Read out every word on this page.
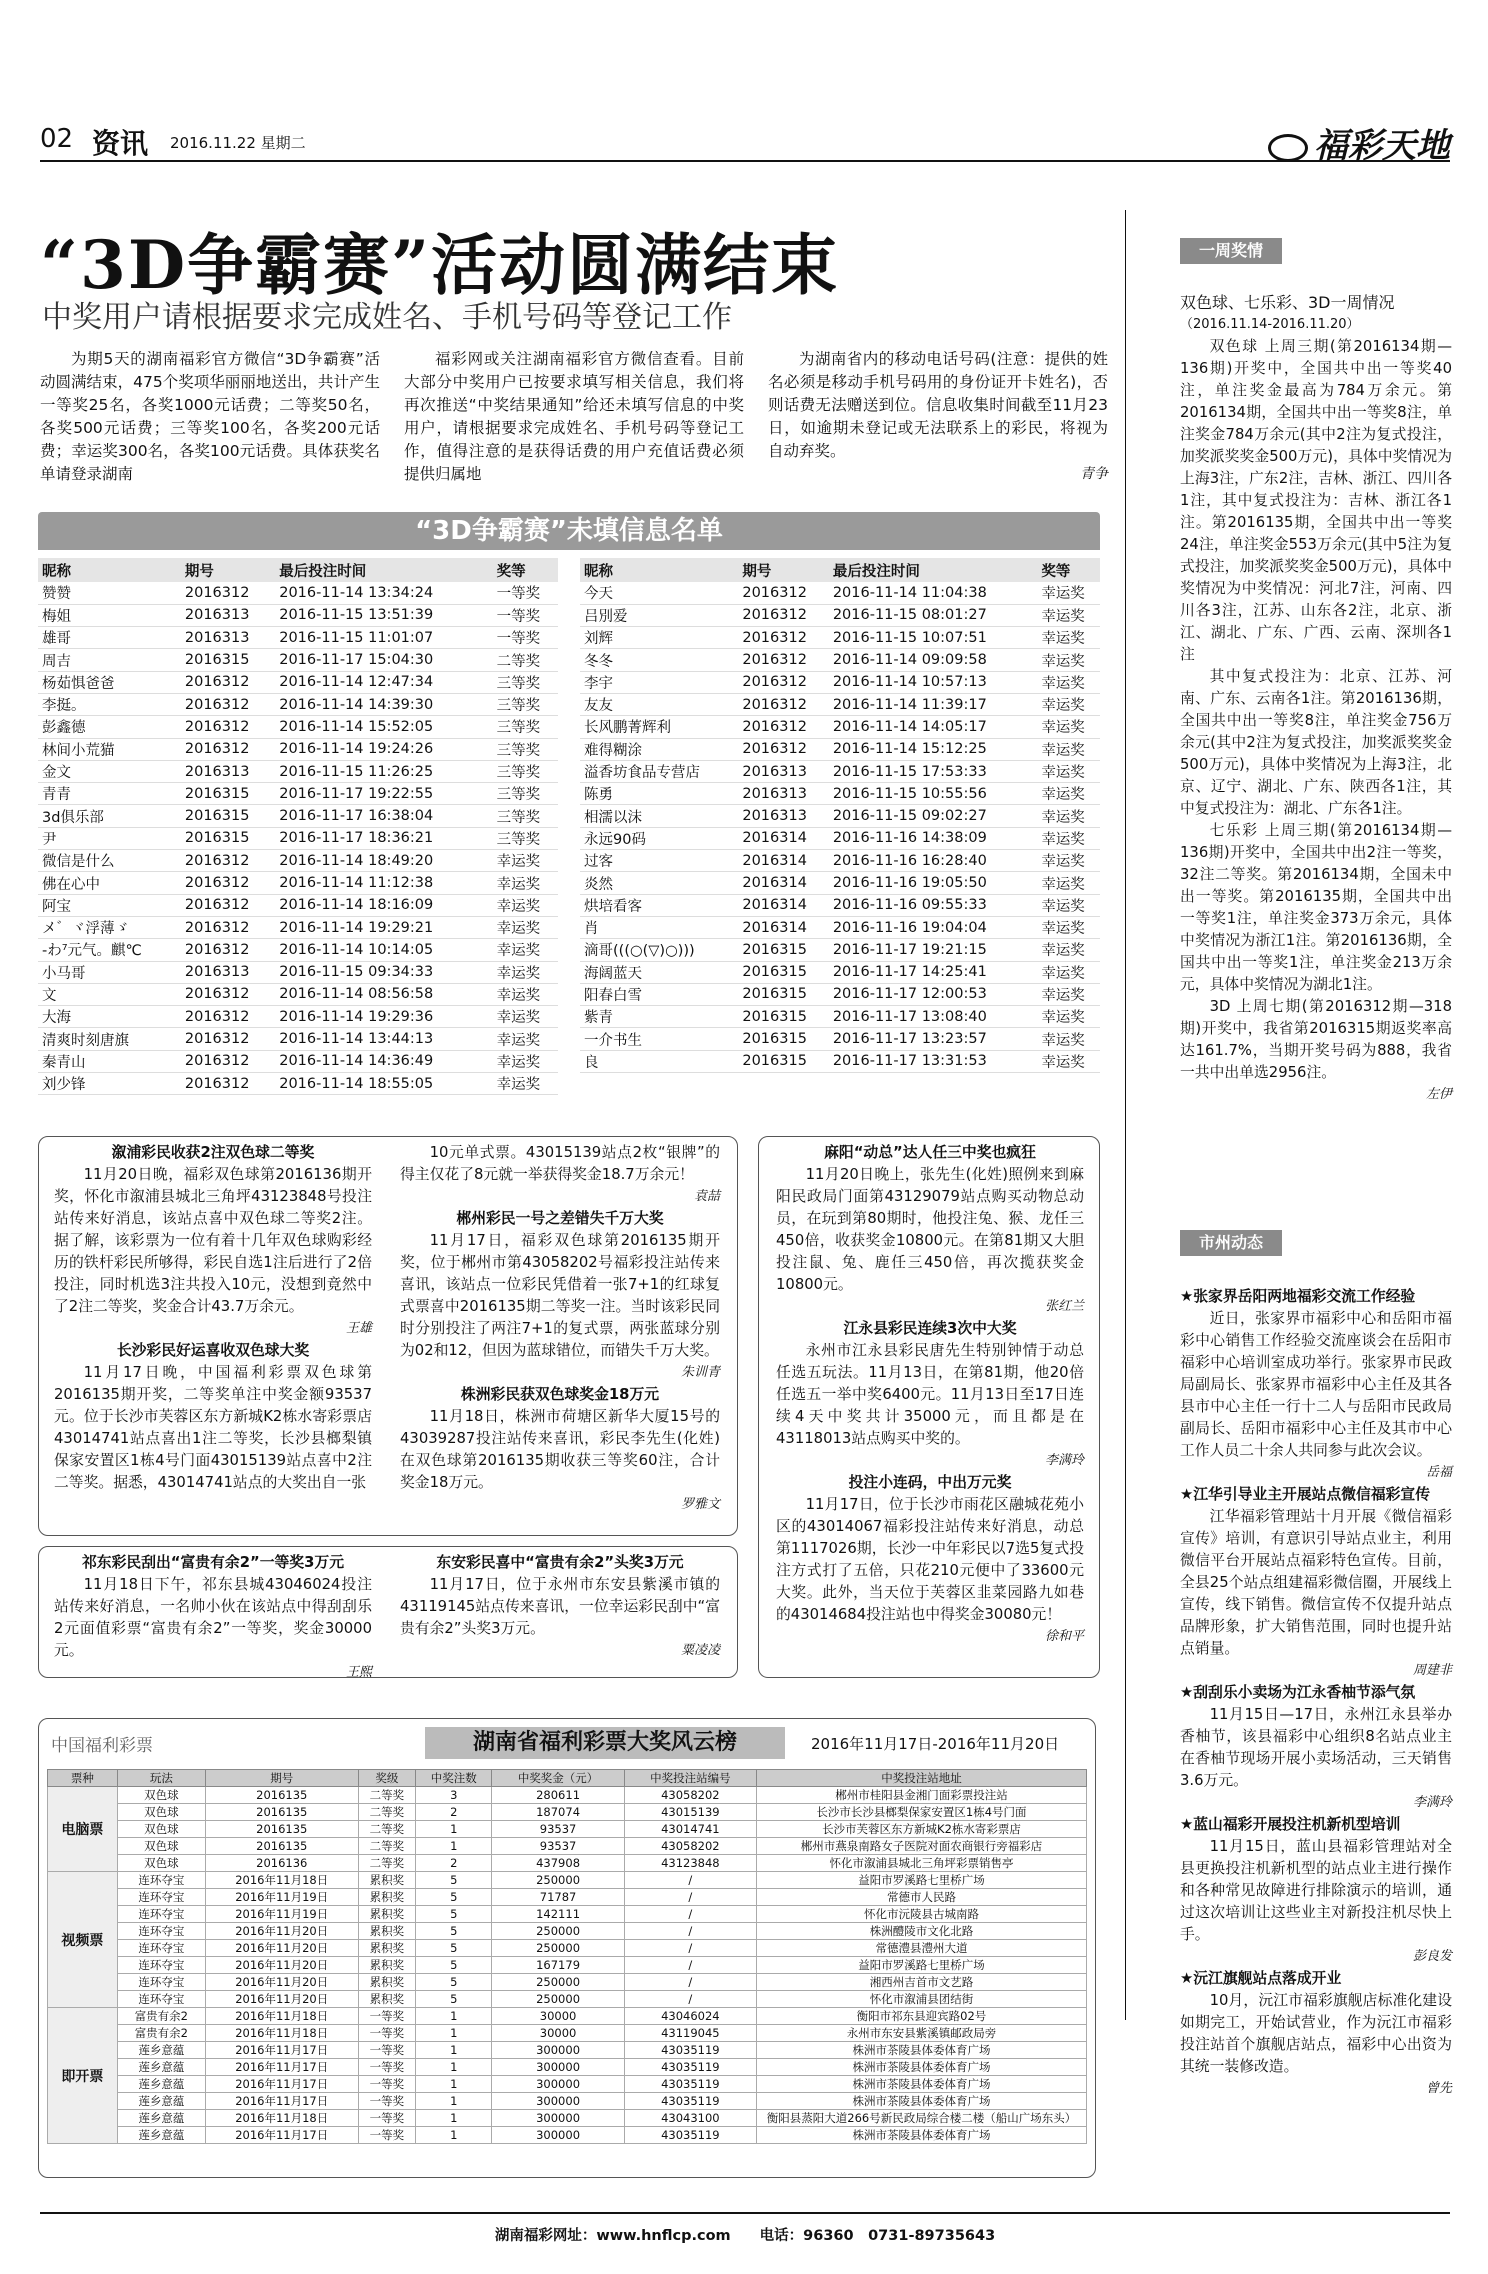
02 资讯 2016.11.22 星期二	福彩天地
“3D争霸赛”活动圆满结束
中奖用户请根据要求完成姓名、手机号码等登记工作

为期5天的湖南福彩官方微信“3D争霸赛”活动圆满结束，475个奖项华丽丽地送出，共计产生一等奖25名，各奖1000元话费；二等奖50名，各奖500元话费；三等奖100名，各奖200元话费；幸运奖300名，各奖100元话费。具体获奖名单请登录湖南

福彩网或关注湖南福彩官方微信查看。目前大部分中奖用户已按要求填写相关信息，我们将再次推送“中奖结果通知”给还未填写信息的中奖用户，请根据要求完成姓名、手机号码等登记工作，值得注意的是获得话费的用户充值话费必须提供归属地

为湖南省内的移动电话号码(注意：提供的姓名必须是移动手机号码用的身份证开卡姓名)，否则话费无法赠送到位。信息收集时间截至11月23日，如逾期未登记或无法联系上的彩民，将视为自动弃奖。

青争
“3D争霸赛”未填信息名单
昵称	期号	最后投注时间	奖等
赞赞	2016312	2016-11-14 13:34:24	一等奖
梅姐	2016313	2016-11-15 13:51:39	一等奖
雄哥	2016313	2016-11-15 11:01:07	一等奖
周吉	2016315	2016-11-17 15:04:30	二等奖
杨茹惧爸爸	2016312	2016-11-14 12:47:34	三等奖
李挺。	2016312	2016-11-14 14:39:30	三等奖
彭鑫德	2016312	2016-11-14 15:52:05	三等奖
林间小荒猫	2016312	2016-11-14 19:24:26	三等奖
金文	2016313	2016-11-15 11:26:25	三等奖
青青	2016315	2016-11-17 19:22:55	三等奖
3d俱乐部	2016315	2016-11-17 16:38:04	三等奖
尹	2016315	2016-11-17 18:36:21	三等奖
微信是什么	2016312	2016-11-14 18:49:20	幸运奖
佛在心中	2016312	2016-11-14 11:12:38	幸运奖
阿宝	2016312	2016-11-14 18:16:09	幸运奖
メ゛ヾ浮薄ゞ	2016312	2016-11-14 19:29:21	幸运奖
-わ⁷元气。麒℃	2016312	2016-11-14 10:14:05	幸运奖
小马哥	2016313	2016-11-15 09:34:33	幸运奖
文	2016312	2016-11-14 08:56:58	幸运奖
大海	2016312	2016-11-14 19:29:36	幸运奖
清爽时刻唐旗	2016312	2016-11-14 13:44:13	幸运奖
秦青山	2016312	2016-11-14 14:36:49	幸运奖
刘少锋	2016312	2016-11-14 18:55:05	幸运奖
昵称	期号	最后投注时间	奖等
今天	2016312	2016-11-14 11:04:38	幸运奖
吕別爱	2016312	2016-11-15 08:01:27	幸运奖
刘辉	2016312	2016-11-15 10:07:51	幸运奖
冬冬	2016312	2016-11-14 09:09:58	幸运奖
李宇	2016312	2016-11-14 10:57:13	幸运奖
友友	2016312	2016-11-14 11:39:17	幸运奖
长风鹏菁辉利	2016312	2016-11-14 14:05:17	幸运奖
难得糊涂	2016312	2016-11-14 15:12:25	幸运奖
溢香坊食品专营店	2016313	2016-11-15 17:53:33	幸运奖
陈勇	2016313	2016-11-15 10:55:56	幸运奖
相濡以沫	2016313	2016-11-15 09:02:27	幸运奖
永远90码	2016314	2016-11-16 14:38:09	幸运奖
过客	2016314	2016-11-16 16:28:40	幸运奖
炎然	2016314	2016-11-16 19:05:50	幸运奖
烘培看客	2016314	2016-11-16 09:55:33	幸运奖
肖	2016314	2016-11-16 19:04:04	幸运奖
滴哥(((○(▽)○)))	2016315	2016-11-17 19:21:15	幸运奖
海阔蓝天	2016315	2016-11-17 14:25:41	幸运奖
阳春白雪	2016315	2016-11-17 12:00:53	幸运奖
紫青	2016315	2016-11-17 13:08:40	幸运奖
一介书生	2016315	2016-11-17 13:23:57	幸运奖
良	2016315	2016-11-17 13:31:53	幸运奖
溆浦彩民收获2注双色球二等奖

11月20日晚，福彩双色球第2016136期开奖，怀化市溆浦县城北三角坪43123848号投注站传来好消息，该站点喜中双色球二等奖2注。据了解，该彩票为一位有着十几年双色球购彩经历的铁杆彩民所够得，彩民自选1注后进行了2倍投注，同时机选3注共投入10元，没想到竟然中了2注二等奖，奖金合计43.7万余元。

王雄
长沙彩民好运喜收双色球大奖

11月17日晚，中国福利彩票双色球第2016135期开奖，二等奖单注中奖金额93537元。位于长沙市芙蓉区东方新城K2栋水寄彩票店43014741站点喜出1注二等奖，长沙县榔梨镇保家安置区1栋4号门面43015139站点喜中2注二等奖。据悉，43014741站点的大奖出自一张

10元单式票。43015139站点2枚“银牌”的得主仅花了8元就一举获得奖金18.7万余元！

袁喆
郴州彩民一号之差错失千万大奖

11月17日，福彩双色球第2016135期开奖，位于郴州市第43058202号福彩投注站传来喜讯，该站点一位彩民凭借着一张7+1的红球复式票喜中2016135期二等奖一注。当时该彩民同时分别投注了两注7+1的复式票，两张蓝球分别为02和12，但因为蓝球错位，而错失千万大奖。

朱训青
株洲彩民获双色球奖金18万元

11月18日，株洲市荷塘区新华大厦15号的43039287投注站传来喜讯，彩民李先生(化姓)在双色球第2016135期收获三等奖60注，合计奖金18万元。

罗雅文
祁东彩民刮出“富贵有余2”一等奖3万元

11月18日下午，祁东县城43046024投注站传来好消息，一名帅小伙在该站点中得刮刮乐2元面值彩票“富贵有余2”一等奖，奖金30000元。

王熙
东安彩民喜中“富贵有余2”头奖3万元

11月17日，位于永州市东安县紫溪市镇的43119145站点传来喜讯，一位幸运彩民刮中“富贵有余2”头奖3万元。

粟凌凌
麻阳“动总”达人任三中奖也疯狂

11月20日晚上，张先生(化姓)照例来到麻阳民政局门面第43129079站点购买动物总动员，在玩到第80期时，他投注兔、猴、龙任三450倍，收获奖金10800元。在第81期又大胆投注鼠、兔、鹿任三450倍，再次揽获奖金10800元。

张红兰
江永县彩民连续3次中大奖

永州市江永县彩民唐先生特别钟情于动总任选五玩法。11月13日，在第81期，他20倍任选五一举中奖6400元。11月13日至17日连续4天中奖共计35000元，而且都是在43118013站点购买中奖的。

李满玲
投注小连码，中出万元奖

11月17日，位于长沙市雨花区融城花苑小区的43014067福彩投注站传来好消息，动总第1117026期，长沙一中年彩民以7选5复式投注方式打了五倍，只花210元便中了33600元大奖。此外，当天位于芙蓉区韭菜园路九如巷的43014684投注站也中得奖金30080元！

徐和平
中国福利彩票	湖南省福利彩票大奖风云榜	2016年11月17日-2016年11月20日
票种	玩法	期号	奖级	中奖注数	中奖奖金（元）	中奖投注站编号	中奖投注站地址
电脑票	双色球	2016135	二等奖	3	280611	43058202	郴州市桂阳县金湘门面彩票投注站
	双色球	2016135	二等奖	2	187074	43015139	长沙市长沙县榔梨保家安置区1栋4号门面
	双色球	2016135	二等奖	1	93537	43014741	长沙市芙蓉区东方新城K2栋水寄彩票店
	双色球	2016135	二等奖	1	93537	43058202	郴州市燕泉南路女子医院对面农商银行旁福彩店
	双色球	2016136	二等奖	2	437908	43123848	怀化市溆浦县城北三角坪彩票销售亭
视频票	连环夺宝	2016年11月18日	累积奖	5	250000	/	益阳市罗溪路七里桥广场
	连环夺宝	2016年11月19日	累积奖	5	71787	/	常德市人民路
	连环夺宝	2016年11月19日	累积奖	5	142111	/	怀化市沅陵县古城南路
	连环夺宝	2016年11月20日	累积奖	5	250000	/	株洲醴陵市文化北路
	连环夺宝	2016年11月20日	累积奖	5	250000	/	常德澧县澧州大道
	连环夺宝	2016年11月20日	累积奖	5	167179	/	益阳市罗溪路七里桥广场
	连环夺宝	2016年11月20日	累积奖	5	250000	/	湘西州吉首市文艺路
	连环夺宝	2016年11月20日	累积奖	5	250000	/	怀化市溆浦县团结街
即开票	富贵有余2	2016年11月18日	一等奖	1	30000	43046024	衡阳市祁东县迎宾路02号
	富贵有余2	2016年11月18日	一等奖	1	30000	43119045	永州市东安县紫溪镇邮政局旁
	莲乡意蕴	2016年11月17日	一等奖	1	300000	43035119	株洲市茶陵县体委体育广场
	莲乡意蕴	2016年11月17日	一等奖	1	300000	43035119	株洲市茶陵县体委体育广场
	莲乡意蕴	2016年11月17日	一等奖	1	300000	43035119	株洲市茶陵县体委体育广场
	莲乡意蕴	2016年11月17日	一等奖	1	300000	43035119	株洲市茶陵县体委体育广场
	莲乡意蕴	2016年11月18日	一等奖	1	300000	43043100	衡阳县蒸阳大道266号新民政局综合楼二楼（船山广场东头）
	莲乡意蕴	2016年11月17日	一等奖	1	300000	43035119	株洲市茶陵县体委体育广场
一周奖情
双色球、七乐彩、3D一周情况
（2016.11.14-2016.11.20）

双色球 上周三期(第2016134期—136期)开奖中，全国共中出一等奖40注，单注奖金最高为784万余元。第2016134期，全国共中出一等奖8注，单注奖金784万余元(其中2注为复式投注，加奖派奖奖金500万元)，具体中奖情况为上海3注，广东2注，吉林、浙江、四川各1注，其中复式投注为：吉林、浙江各1注。第2016135期，全国共中出一等奖24注，单注奖金553万余元(其中5注为复式投注，加奖派奖奖金500万元)，具体中奖情况为中奖情况：河北7注，河南、四川各3注，江苏、山东各2注，北京、浙江、湖北、广东、广西、云南、深圳各1注

其中复式投注为：北京、江苏、河南、广东、云南各1注。第2016136期，全国共中出一等奖8注，单注奖金756万余元(其中2注为复式投注，加奖派奖奖金500万元)，具体中奖情况为上海3注，北京、辽宁、湖北、广东、陕西各1注，其中复式投注为：湖北、广东各1注。

七乐彩 上周三期(第2016134期—136期)开奖中，全国共中出2注一等奖，32注二等奖。第2016134期，全国未中出一等奖。第2016135期，全国共中出一等奖1注，单注奖金373万余元，具体中奖情况为浙江1注。第2016136期，全国共中出一等奖1注，单注奖金213万余元，具体中奖情况为湖北1注。

3D 上周七期(第2016312期—318期)开奖中，我省第2016315期返奖率高达161.7%，当期开奖号码为888，我省一共中出单选2956注。

左伊
市州动态
★张家界岳阳两地福彩交流工作经验

近日，张家界市福彩中心和岳阳市福彩中心销售工作经验交流座谈会在岳阳市福彩中心培训室成功举行。张家界市民政局副局长、张家界市福彩中心主任及其各县市中心主任一行十二人与岳阳市民政局副局长、岳阳市福彩中心主任及其市中心工作人员二十余人共同参与此次会议。

岳福
★江华引导业主开展站点微信福彩宣传

江华福彩管理站十月开展《微信福彩宣传》培训，有意识引导站点业主，利用微信平台开展站点福彩特色宣传。目前，全县25个站点组建福彩微信圈，开展线上宣传，线下销售。微信宣传不仅提升站点品牌形象，扩大销售范围，同时也提升站点销量。

周建非
★刮刮乐小卖场为江永香柚节添气氛

11月15日—17日，永州江永县举办香柚节，该县福彩中心组织8名站点业主在香柚节现场开展小卖场活动，三天销售3.6万元。

李满玲
★蓝山福彩开展投注机新机型培训

11月15日，蓝山县福彩管理站对全县更换投注机新机型的站点业主进行操作和各种常见故障进行排除演示的培训，通过这次培训让这些业主对新投注机尽快上手。

彭良发
★沅江旗舰站点落成开业

10月，沅江市福彩旗舰店标准化建设如期完工，开始试营业，作为沅江市福彩投注站首个旗舰店站点，福彩中心出资为其统一装修改造。

曾先
湖南福彩网址：www.hnflcp.com　　电话：96360　0731-89735643
